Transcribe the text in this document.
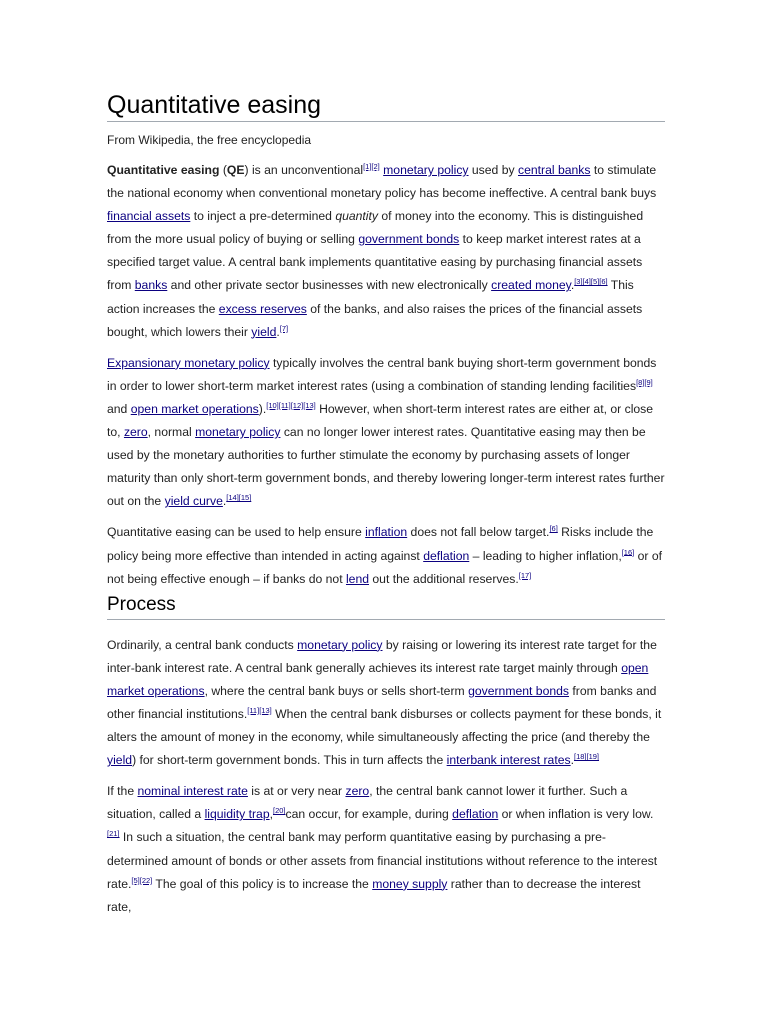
Quantitative easing
From Wikipedia, the free encyclopedia

Quantitative easing (QE) is an unconventional[1][2] monetary policy used by central banks to stimulate the national economy when conventional monetary policy has become ineffective. A central bank buys financial assets to inject a pre-determined quantity of money into the economy. This is distinguished from the more usual policy of buying or selling government bonds to keep market interest rates at a specified target value. A central bank implements quantitative easing by purchasing financial assets from banks and other private sector businesses with new electronically created money.[3][4][5][6] This action increases the excess reserves of the banks, and also raises the prices of the financial assets bought, which lowers their yield.[7]

Expansionary monetary policy typically involves the central bank buying short-term government bonds in order to lower short-term market interest rates (using a combination of standing lending facilities[8][9] and open market operations).[10][11][12][13] However, when short-term interest rates are either at, or close to, zero, normal monetary policy can no longer lower interest rates. Quantitative easing may then be used by the monetary authorities to further stimulate the economy by purchasing assets of longer maturity than only short-term government bonds, and thereby lowering longer-term interest rates further out on the yield curve.[14][15]

Quantitative easing can be used to help ensure inflation does not fall below target.[6] Risks include the policy being more effective than intended in acting against deflation – leading to higher inflation,[16] or of not being effective enough – if banks do not lend out the additional reserves.[17]

Process

Ordinarily, a central bank conducts monetary policy by raising or lowering its interest rate target for the inter-bank interest rate. A central bank generally achieves its interest rate target mainly through open market operations, where the central bank buys or sells short-term government bonds from banks and other financial institutions.[11][13] When the central bank disburses or collects payment for these bonds, it alters the amount of money in the economy, while simultaneously affecting the price (and thereby the yield) for short-term government bonds. This in turn affects the interbank interest rates.[18][19]

If the nominal interest rate is at or very near zero, the central bank cannot lower it further. Such a situation, called a liquidity trap,[20]can occur, for example, during deflation or when inflation is very low.[21] In such a situation, the central bank may perform quantitative easing by purchasing a pre-determined amount of bonds or other assets from financial institutions without reference to the interest rate.[5][22] The goal of this policy is to increase the money supply rather than to decrease the interest rate,
